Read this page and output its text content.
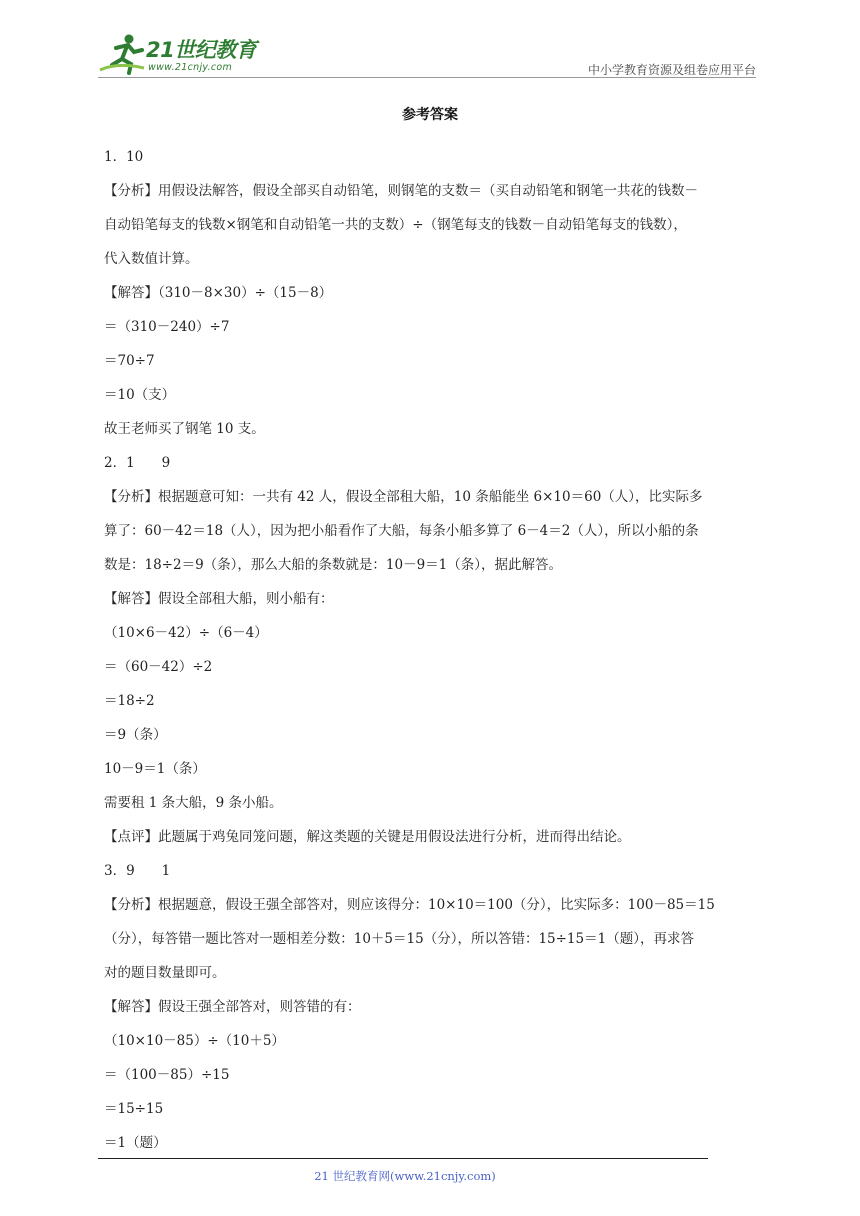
21世纪教育
www.21cnjy.com	中小学教育资源及组卷应用平台
参考答案
1．10
【分析】用假设法解答，假设全部买自动铅笔，则钢笔的支数＝（买自动铅笔和钢笔一共花的钱数－
自动铅笔每支的钱数×钢笔和自动铅笔一共的支数）÷（钢笔每支的钱数－自动铅笔每支的钱数），
代入数值计算。
【解答】（310－8×30）÷（15－8）
＝（310－240）÷7
＝70÷7
＝10（支）
故王老师买了钢笔 10 支。
2．1　　9
【分析】根据题意可知：一共有 42 人，假设全部租大船，10 条船能坐 6×10＝60（人），比实际多
算了：60－42＝18（人），因为把小船看作了大船，每条小船多算了 6－4＝2（人），所以小船的条
数是：18÷2＝9（条），那么大船的条数就是：10－9＝1（条），据此解答。
【解答】假设全部租大船，则小船有：
（10×6－42）÷（6－4）
＝（60－42）÷2
＝18÷2
＝9（条）
10－9＝1（条）
需要租 1 条大船，9 条小船。
【点评】此题属于鸡兔同笼问题，解这类题的关键是用假设法进行分析，进而得出结论。
3．9　　1
【分析】根据题意，假设王强全部答对，则应该得分：10×10＝100（分），比实际多：100－85＝15
（分），每答错一题比答对一题相差分数：10＋5＝15（分），所以答错：15÷15＝1（题），再求答
对的题目数量即可。
【解答】假设王强全部答对，则答错的有：
（10×10－85）÷（10＋5）
＝（100－85）÷15
＝15÷15
＝1（题）
21 世纪教育网(www.21cnjy.com)
